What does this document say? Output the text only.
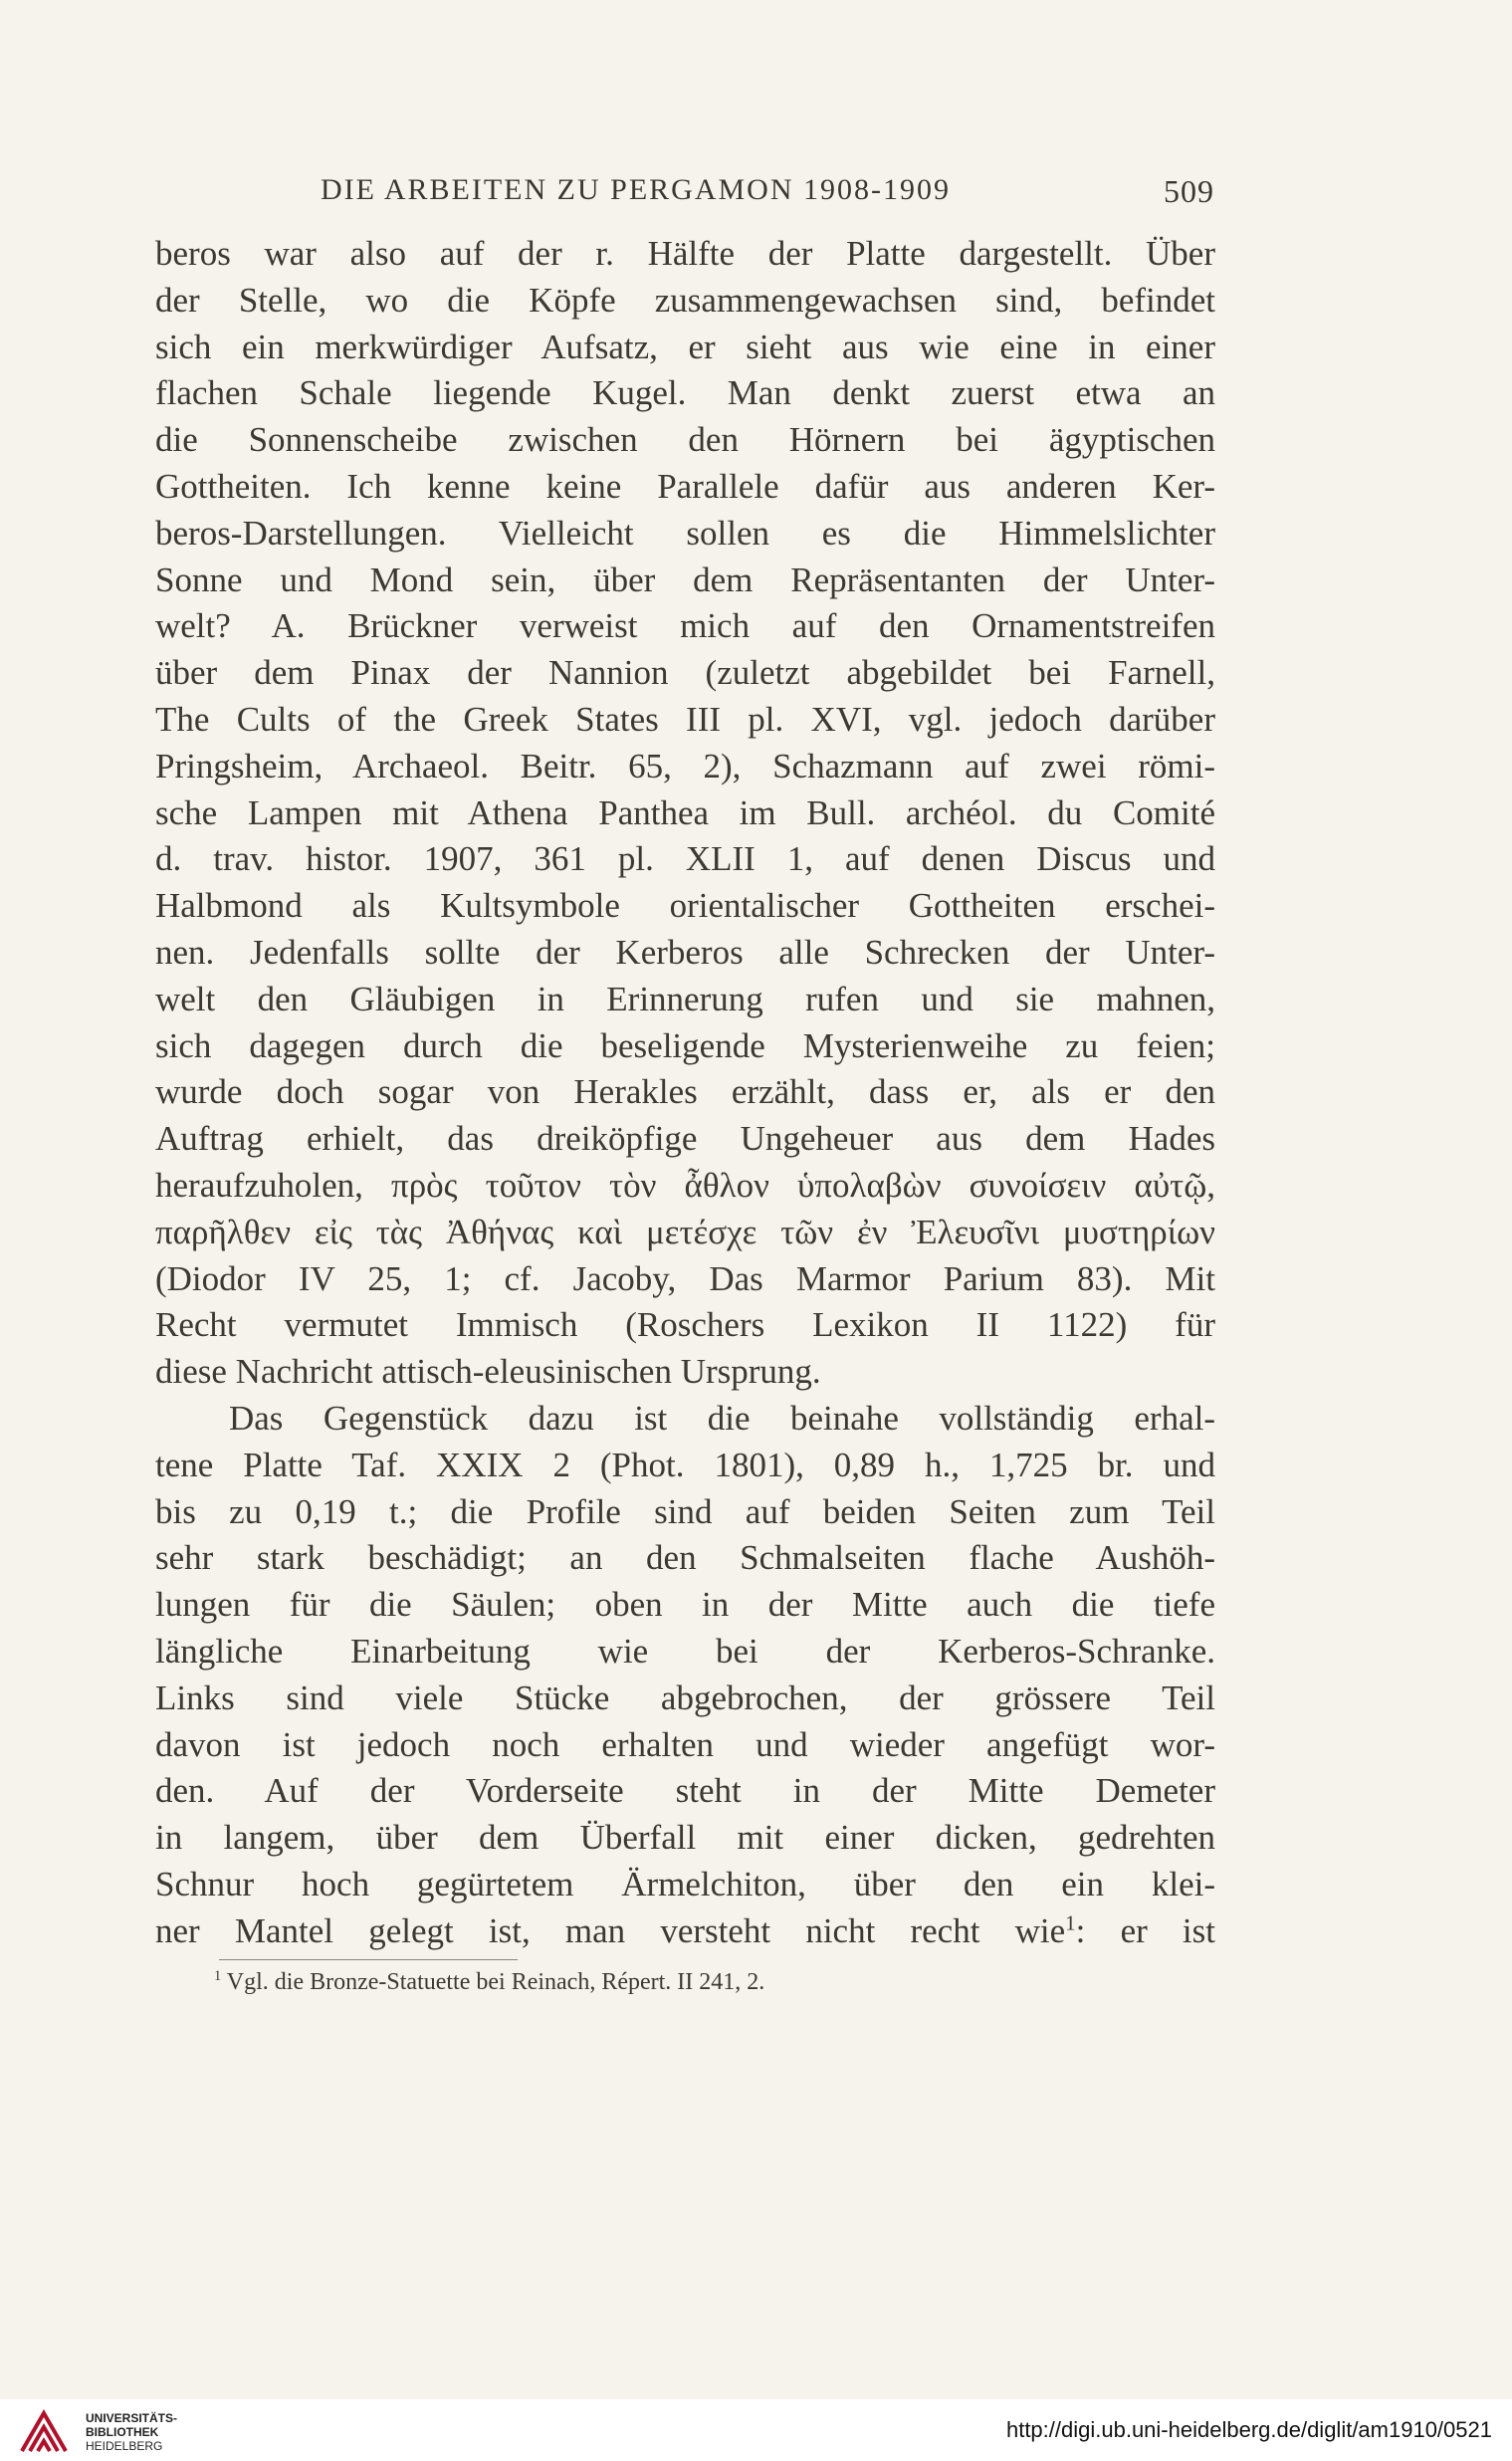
DIE ARBEITEN ZU PERGAMON 1908-1909	509
beros war also auf der r. Hälfte der Platte dargestellt. Über
der Stelle, wo die Köpfe zusammengewachsen sind, befindet
sich ein merkwürdiger Aufsatz, er sieht aus wie eine in einer
flachen Schale liegende Kugel. Man denkt zuerst etwa an
die Sonnenscheibe zwischen den Hörnern bei ägyptischen
Gottheiten. Ich kenne keine Parallele dafür aus anderen Ker-
beros-Darstellungen. Vielleicht sollen es die Himmelslichter
Sonne und Mond sein, über dem Repräsentanten der Unter-
welt? A. Brückner verweist mich auf den Ornamentstreifen
über dem Pinax der Nannion (zuletzt abgebildet bei Farnell,
The Cults of the Greek States III pl. XVI, vgl. jedoch darüber
Pringsheim, Archaeol. Beitr. 65, 2), Schazmann auf zwei römi-
sche Lampen mit Athena Panthea im Bull. archéol. du Comité
d. trav. histor. 1907, 361 pl. XLII 1, auf denen Discus und
Halbmond als Kultsymbole orientalischer Gottheiten erschei-
nen. Jedenfalls sollte der Kerberos alle Schrecken der Unter-
welt den Gläubigen in Erinnerung rufen und sie mahnen,
sich dagegen durch die beseligende Mysterienweihe zu feien;
wurde doch sogar von Herakles erzählt, dass er, als er den
Auftrag erhielt, das dreiköpfige Ungeheuer aus dem Hades
heraufzuholen, πρὸς τοῦτον τὸν ἆθλον ὑπολαβὼν συνοίσειν αὐτῷ,
παρῆλθεν εἰς τὰς Ἀθήνας καὶ μετέσχε τῶν ἐν Ἐλευσῖνι μυστηρίων
(Diodor IV 25, 1; cf. Jacoby, Das Marmor Parium 83). Mit
Recht vermutet Immisch (Roschers Lexikon II 1122) für
diese Nachricht attisch-eleusinischen Ursprung.
Das Gegenstück dazu ist die beinahe vollständig erhal-
tene Platte Taf. XXIX 2 (Phot. 1801), 0,89 h., 1,725 br. und
bis zu 0,19 t.; die Profile sind auf beiden Seiten zum Teil
sehr stark beschädigt; an den Schmalseiten flache Aushöh-
lungen für die Säulen; oben in der Mitte auch die tiefe
längliche Einarbeitung wie bei der Kerberos-Schranke.
Links sind viele Stücke abgebrochen, der grössere Teil
davon ist jedoch noch erhalten und wieder angefügt wor-
den. Auf der Vorderseite steht in der Mitte Demeter
in langem, über dem Überfall mit einer dicken, gedrehten
Schnur hoch gegürtetem Ärmelchiton, über den ein klei-
ner Mantel gelegt ist, man versteht nicht recht wie$^1$: er ist
$^1$ Vgl. die Bronze-Statuette bei Reinach, Répert. II 241, 2.
UNIVERSITÄTS-
BIBLIOTHEK
HEIDELBERG
http://digi.ub.uni-heidelberg.de/diglit/am1910/0521
